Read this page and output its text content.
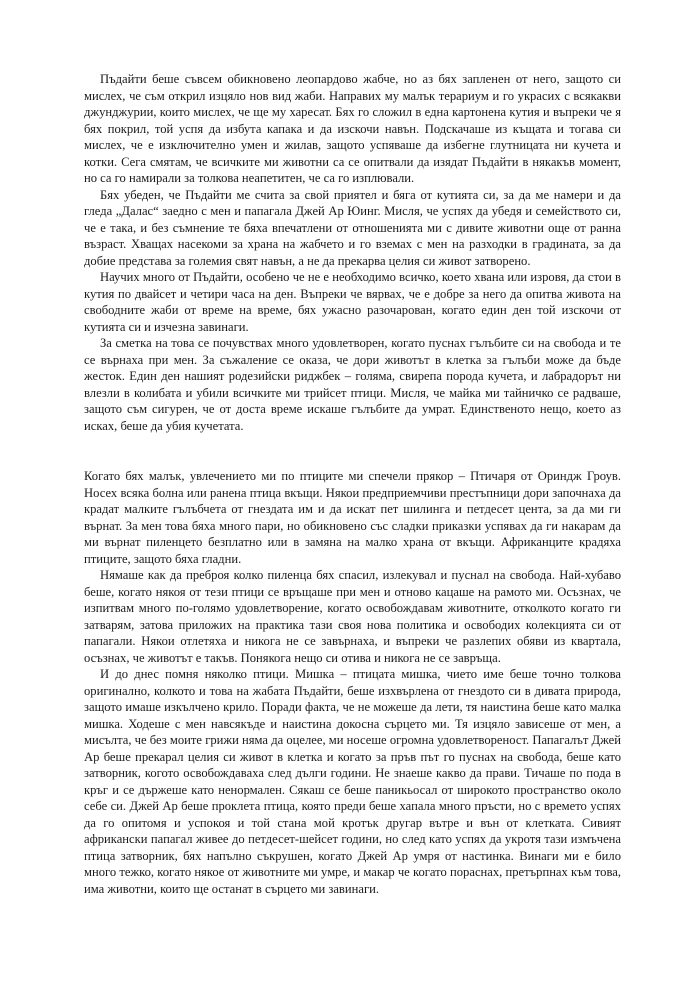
Пъдайти беше съвсем обикновено леопардово жабче, но аз бях запленен от него, защото си мислех, че съм открил изцяло нов вид жаби. Направих му малък терариум и го украсих с всякакви джунджурии, които мислех, че ще му харесат. Бях го сложил в една картонена кутия и въпреки че я бях покрил, той успя да избута капака и да изскочи навън. Подскачаше из къщата и тогава си мислех, че е изключително умен и жилав, защото успяваше да избегне глутницата ни кучета и котки. Сега смятам, че всичките ми животни са се опитвали да изядат Пъдайти в някакъв момент, но са го намирали за толкова неапетитен, че са го изплювали.

Бях убеден, че Пъдайти ме счита за свой приятел и бяга от кутията си, за да ме намери и да гледа „Далас“ заедно с мен и папагала Джей Ар Юинг. Мисля, че успях да убедя и семейството си, че е така, и без съмнение те бяха впечатлени от отношенията ми с дивите животни още от ранна възраст. Хващах насекоми за храна на жабчето и го вземах с мен на разходки в градината, за да добие представа за големия свят навън, а не да прекарва целия си живот затворено.

Научих много от Пъдайти, особено че не е необходимо всичко, което хвана или изровя, да стои в кутия по двайсет и четири часа на ден. Въпреки че вярвах, че е добре за него да опитва живота на свободните жаби от време на време, бях ужасно разочарован, когато един ден той изскочи от кутията си и изчезна завинаги.

За сметка на това се почувствах много удовлетворен, когато пуснах гълъбите си на свобода и те се върнаха при мен. За съжаление се оказа, че дори животът в клетка за гълъби може да бъде жесток. Един ден нашият родезийски риджбек – голяма, свирепа порода кучета, и лабрадорът ни влезли в колибата и убили всичките ми трийсет птици. Мисля, че майка ми тайничко се радваше, защото съм сигурен, че от доста време искаше гълъбите да умрат. Единственото нещо, което аз исках, беше да убия кучетата.

Когато бях малък, увлечението ми по птиците ми спечели прякор – Птичаря от Ориндж Гроув. Носех всяка болна или ранена птица вкъщи. Някои предприемчиви престъпници дори започнаха да крадат малките гълъбчета от гнездата им и да искат пет шилинга и петдесет цента, за да ми ги върнат. За мен това бяха много пари, но обикновено със сладки приказки успявах да ги накарам да ми върнат пиленцето безплатно или в замяна на малко храна от вкъщи. Африканците крадяха птиците, защото бяха гладни.

Нямаше как да преброя колко пиленца бях спасил, излекувал и пуснал на свобода. Най-хубаво беше, когато някоя от тези птици се връщаше при мен и отново кацаше на рамото ми. Осъзнах, че изпитвам много по-голямо удовлетворение, когато освобождавам животните, отколкото когато ги затварям, затова приложих на практика тази своя нова политика и освободих колекцията си от папагали. Някои отлетяха и никога не се завърнаха, и въпреки че разлепих обяви из квартала, осъзнах, че животът е такъв. Понякога нещо си отива и никога не се завръща.

И до днес помня няколко птици. Мишка – птицата мишка, чието име беше точно толкова оригинално, колкото и това на жабата Пъдайти, беше изхвърлена от гнездото си в дивата природа, защото имаше изкълчено крило. Поради факта, че не можеше да лети, тя наистина беше като малка мишка. Ходеше с мен навсякъде и наистина докосна сърцето ми. Тя изцяло зависеше от мен, а мисълта, че без моите грижи няма да оцелее, ми носеше огромна удовлетвореност. Папагалът Джей Ар беше прекарал целия си живот в клетка и когато за пръв път го пуснах на свобода, беше като затворник, когото освобождавaха след дълги години. Не знаеше какво да прави. Тичаше по пода в кръг и се държеше като ненормален. Сякаш се беше паникьосал от широкото пространство около себе си. Джей Ар беше проклета птица, която преди беше хапала много пръсти, но с времето успях да го опитомя и успокоя и той стана мой кротък другар вътре и вън от клетката. Сивият африкански папагал живее до петдесет-шейсет години, но след като успях да укротя тази измъчена птица затворник, бях напълно съкрушен, когато Джей Ар умря от настинка. Винаги ми е било много тежко, когато някое от животните ми умре, и макар че когато пораснах, претърпнах към това, има животни, които ще останат в сърцето ми завинаги.
